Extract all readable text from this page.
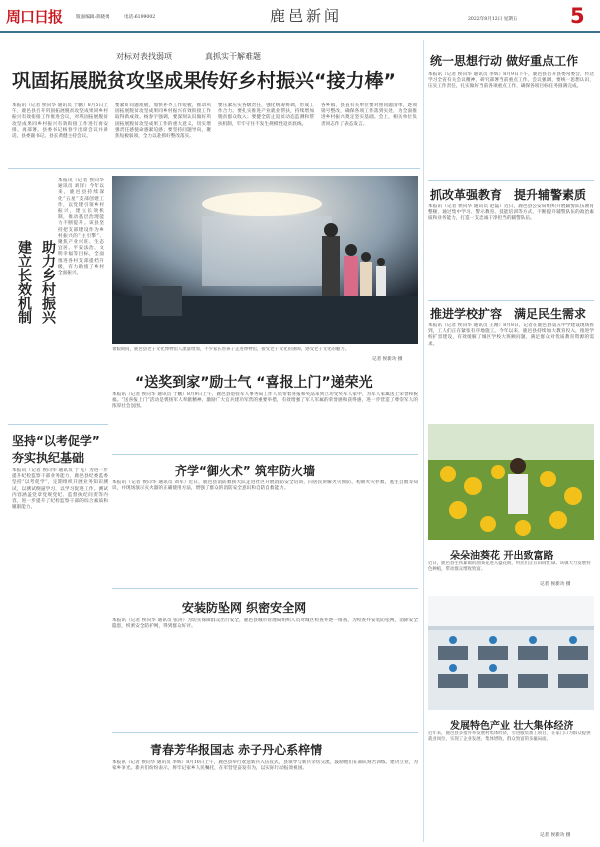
周口日报	版面编辑:蒋晓勇	电话:6199002	鹿邑新闻	2022年8月12日 星期五	5
对标对表找弱项	真抓实干解难题
巩固拓展脱贫攻坚成果
传好乡村振兴“接力棒”
本报讯（记者 侯向华 通讯员 于鹏）8月5日上午，鹿邑县召开巩固拓展脱贫攻坚成果同乡村振兴有效衔接工作推进会议，对巩固拓展脱贫攻坚成果同乡村振兴有效衔接工作进行再安排、再部署。县委书记杨春宇出席会议并讲话。县委副书记、县长黄健主持会议。
要紧盯问题短板，加快补齐工作短板，推动巩固拓展脱贫攻坚成果同乡村振兴有效衔接工作取得新成效。杨春宇强调，要深刻认识做好巩固拓展脱贫攻坚成果工作的重大意义，切实增强责任感使命感紧迫感；要坚持问题导向，聚焦短板弱项，全力以赴抓好整改落实。
要压紧压实各级责任，强化统筹协调，形成工作合力。要扎实推进产业就业帮扶，持续增加脱贫群众收入；要健全防止返贫动态监测和帮扶机制，牢牢守住不发生规模性返贫底线。
各乡镇、县直有关单位要对照问题清单，逐项销号整改，确保各项工作落到实处，为全面推进乡村振兴奠定坚实基础。会上，相关单位负责同志作了表态发言。
建立长效机制 助力乡村振兴
本报讯（记者 侯向华 通讯员 刘洋）今年以来，鹿邑县持续深化“五星”支部创建工作，以党建引领乡村振兴，建立长效机制，推动基层治理能力不断提升。该县坚持把支部建设作为乡村振兴的“主引擎”，聚焦产业兴旺、生态宜居、平安法治、文明幸福等目标，全面推进各村支部提档升级，有力助推了乡村全面振兴。
暑假期间，鹿邑县老子文化博物馆人流量增加，不少家长带孩子走进博物馆，接受老子文化的熏陶，感受老子文化的魅力。
记者 侯新功 摄
“送奖到家”励士气 “喜报上门”递荣光
本报讯（记者 侯向华 通讯员 于鹏）8月9日上午，鹿邑县退役军人事务局工作人员带着喜报和奖品来到立功受奖军人家中，为军人家属送上荣誉和祝福。“送喜报上门”活动是褒扬军人奉献精神、激励广大官兵建功军营的重要举措，有效增强了军人军属的荣誉感和获得感，进一步营造了尊崇军人的浓厚社会氛围。
坚持“以考促学”
夯实执纪基础
本报讯（记者 侯向华 通讯员 于飞）为进一步提升纪检监察干部业务能力，鹿邑县纪委监委坚持“以考促学”，定期组织开展业务知识测试，以测试倒逼学习，以学习促进工作。测试内容涵盖党章党规党纪、监督执纪问责等内容，进一步提升了纪检监察干部的综合素质和履职能力。
齐学“御火术” 筑牢防火墙
本报讯（记者 侯向华 通讯员 刘军）近日，鹿邑县消防救援大队走进社区开展消防安全培训，向居民讲解火灾预防、初期火灾扑救、逃生自救等知识，并现场演示灭火器的正确使用方法，增强了群众的消防安全意识和自防自救能力。
安装防坠网 织密安全网
本报讯（记者 侯向华 通讯员 张涛）为切实保障群众出行安全，鹿邑县城市管理局组织人员对城区检查井逐一排查，为检查井安装防坠网，消除安全隐患，织密安全防护网，得到群众好评。
青春芳华报国志 赤子丹心系梓情
本报讯（记者 侯向华 通讯员 李辉）8月10日上午，鹿邑县举行欢送新兵入伍仪式，县领导与新兵亲切交流，鼓励他们在部队刻苦训练、建功立业，为家乡争光。新兵们纷纷表示，将牢记家乡人民嘱托，在军营里奋发有为，以实际行动报效祖国。
统一思想行动 做好重点工作
本报讯（记者 侯向华 通讯员 李辉）8月9日下午，鹿邑县召开县委常委会，传达学习全省有关会议精神，研究部署当前重点工作。会议强调，要统一思想认识，压实工作责任，扎实做好当前各项重点工作，确保各项目标任务圆满完成。
抓改革强教育 提升辅警素质
本报讯（记者 侯向华 通讯员 赵磊）近日，鹿邑县公安局组织开展辅警队伍教育整顿，通过集中学习、警示教育、技能培训等方式，不断提升辅警队伍的政治素质和业务能力，打造一支忠诚干净担当的辅警队伍。
推进学校扩容 满足民生需求
本报讯（记者 侯向华 通讯员 王刚）8月8日，记者在鹿邑县第五中学建设现场看到，工人们正在紧张有序地施工。今年以来，鹿邑县持续加大教育投入，推进学校扩容建设，有效缓解了城区学校大班额问题，满足群众对优质教育资源的需求。
朵朵油葵花 开出致富路
近日，鹿邑县生铁冢镇的油葵花进入盛花期，村民们正在田间忙碌。该镇大力发展特色种植，带动群众增收致富。
记者 侯新功 摄
发展特色产业 壮大集体经济
近年来，鹿邑县多措并举发展村集体经济，引进服装加工项目，在家门口为群众提供就业岗位，实现了企业发展、集体增收、群众致富的多赢局面。
记者 侯新功 摄
